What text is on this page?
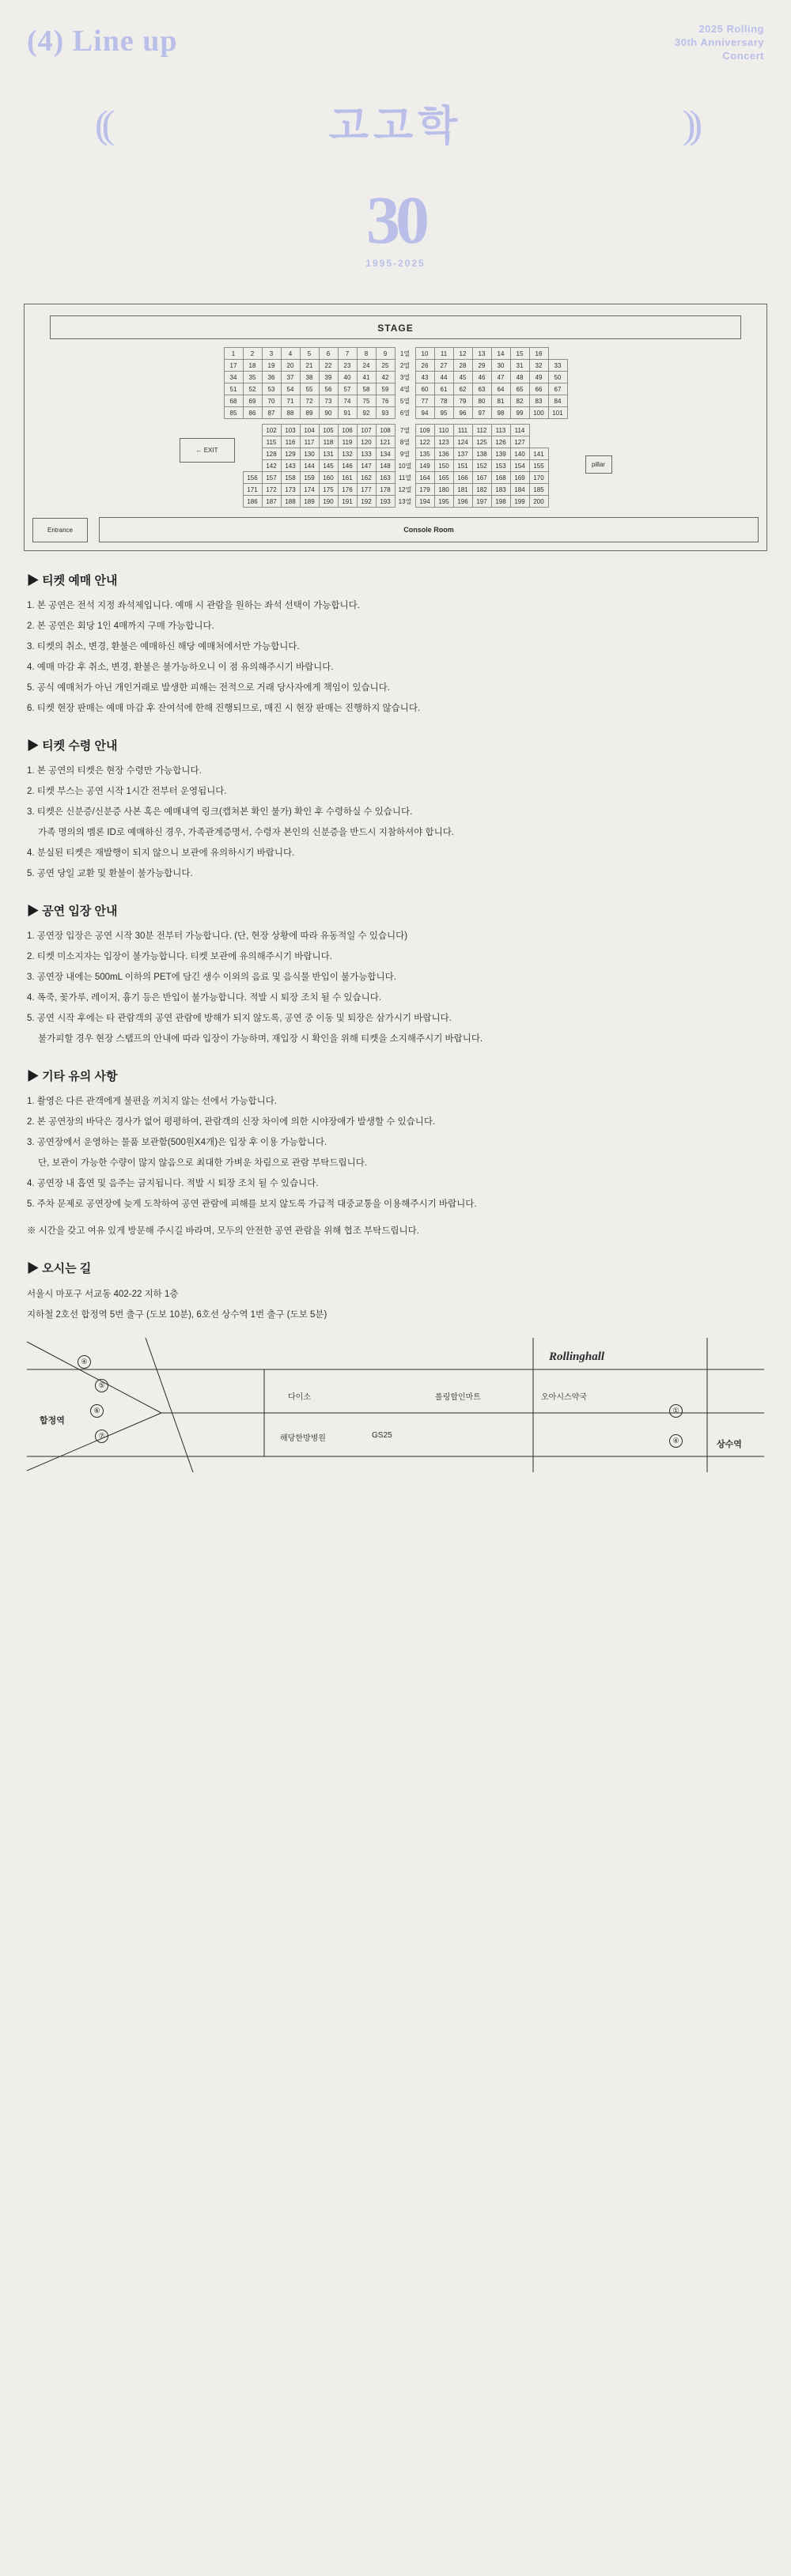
(4) Line up	2025 Rolling
30th Anniversary
Concert
((	고고학	))
30
1995-2025
STAGE
1	2	3	4	5	6	7	8	9	1열	10	11	12	13	14	15	16	
17	18	19	20	21	22	23	24	25	2열	26	27	28	29	30	31	32	33
34	35	36	37	38	39	40	41	42	3열	43	44	45	46	47	48	49	50
51	52	53	54	55	56	57	58	59	4열	60	61	62	63	64	65	66	67
68	69	70	71	72	73	74	75	76	5열	77	78	79	80	81	82	83	84
85	86	87	88	89	90	91	92	93	6열	94	95	96	97	98	99	100	101
← EXIT
	102	103	104	105	106	107	108	7열	109	110	111	112	113	114	
	115	116	117	118	119	120	121	8열	122	123	124	125	126	127	
	128	129	130	131	132	133	134	9열	135	136	137	138	139	140	141
	142	143	144	145	146	147	148	10열	149	150	151	152	153	154	155
156	157	158	159	160	161	162	163	11열	164	165	166	167	168	169	170
171	172	173	174	175	176	177	178	12열	179	180	181	182	183	184	185
186	187	188	189	190	191	192	193	13열	194	195	196	197	198	199	200
pillar
Entrance	Console Room
▶ 티켓 예매 안내
1. 본 공연은 전석 지정 좌석제입니다. 예매 시 관람을 원하는 좌석 선택이 가능합니다.
2. 본 공연은 회당 1인 4매까지 구매 가능합니다.
3. 티켓의 취소, 변경, 환불은 예매하신 해당 예매처에서만 가능합니다.
4. 예매 마감 후 취소, 변경, 환불은 불가능하오니 이 점 유의해주시기 바랍니다.
5. 공식 예매처가 아닌 개인거래로 발생한 피해는 전적으로 거래 당사자에게 책임이 있습니다.
6. 티켓 현장 판매는 예매 마감 후 잔여석에 한해 진행되므로, 매진 시 현장 판매는 진행하지 않습니다.
▶ 티켓 수령 안내
1. 본 공연의 티켓은 현장 수령만 가능합니다.
2. 티켓 부스는 공연 시작 1시간 전부터 운영됩니다.
3. 티켓은 신분증/신분증 사본 혹은 예매내역 링크(캡쳐본 확인 불가) 확인 후 수령하실 수 있습니다.
가족 명의의 멤론 ID로 예매하신 경우, 가족관계증명서, 수령자 본인의 신분증을 반드시 지참하셔야 합니다.
4. 분실된 티켓은 재발행이 되지 않으니 보관에 유의하시기 바랍니다.
5. 공연 당일 교환 및 환불이 불가능합니다.
▶ 공연 입장 안내
1. 공연장 입장은 공연 시작 30분 전부터 가능합니다. (단, 현장 상황에 따라 유동적일 수 있습니다)
2. 티켓 미소지자는 입장이 불가능합니다. 티켓 보관에 유의해주시기 바랍니다.
3. 공연장 내에는 500mL 이하의 PET에 담긴 생수 이외의 음료 및 음식물 반입이 불가능합니다.
4. 폭죽, 꽃가루, 레이저, 흉기 등은 반입이 불가능합니다. 적발 시 퇴장 조치 될 수 있습니다.
5. 공연 시작 후에는 타 관람객의 공연 관람에 방해가 되지 않도록, 공연 중 이동 및 퇴장은 삼가시기 바랍니다.
불가피할 경우 현장 스탭프의 안내에 따라 입장이 가능하며, 재입장 시 확인을 위해 티켓을 소지해주시기 바랍니다.
▶ 기타 유의 사항
1. 촬영은 다른 관객에게 불편을 끼치지 않는 선에서 가능합니다.
2. 본 공연장의 바닥은 경사가 없어 평평하여, 관람객의 신장 차이에 의한 시야장애가 발생할 수 있습니다.
3. 공연장에서 운영하는 물품 보관함(500원X4개)은 입장 후 이용 가능합니다.
단, 보관이 가능한 수량이 많지 않음으로 최대한 가벼운 차림으로 관람 부탁드립니다.
4. 공연장 내 흡연 및 음주는 금지됩니다. 적발 시 퇴장 조치 될 수 있습니다.
5. 주차 문제로 공연장에 늦게 도착하여 공연 관람에 피해를 보지 않도록 가급적 대중교통을 이용해주시기 바랍니다.
※ 시간을 갖고 여유 있게 방문해 주시길 바라며, 모두의 안전한 공연 관람을 위해 협조 부탁드립니다.
▶ 오시는 길
서울시 마포구 서교동 402-22 지하 1층
지하철 2호선 합정역 5번 출구 (도보 10분), 6호선 상수역 1번 출구 (도보 5분)
④
⑤
⑥
⑦
①
④
합정역
상수역
Rollinghall
다이소
해당한방병원	GS25
롤링할인마트	오아시스약국
